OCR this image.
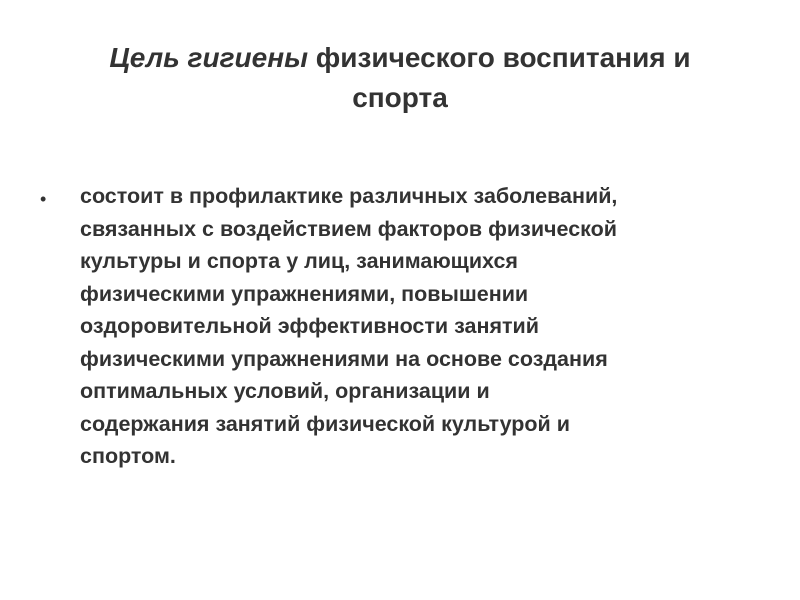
Цель гигиены физического воспитания и спорта
• состоит в профилактике различных заболеваний,
связанных с воздействием факторов физической
культуры и спорта у лиц, занимающихся
физическими упражнениями, повышении
оздоровительной эффективности занятий
физическими упражнениями на основе создания
оптимальных условий, организации и
содержания занятий физической культурой и
спортом.
